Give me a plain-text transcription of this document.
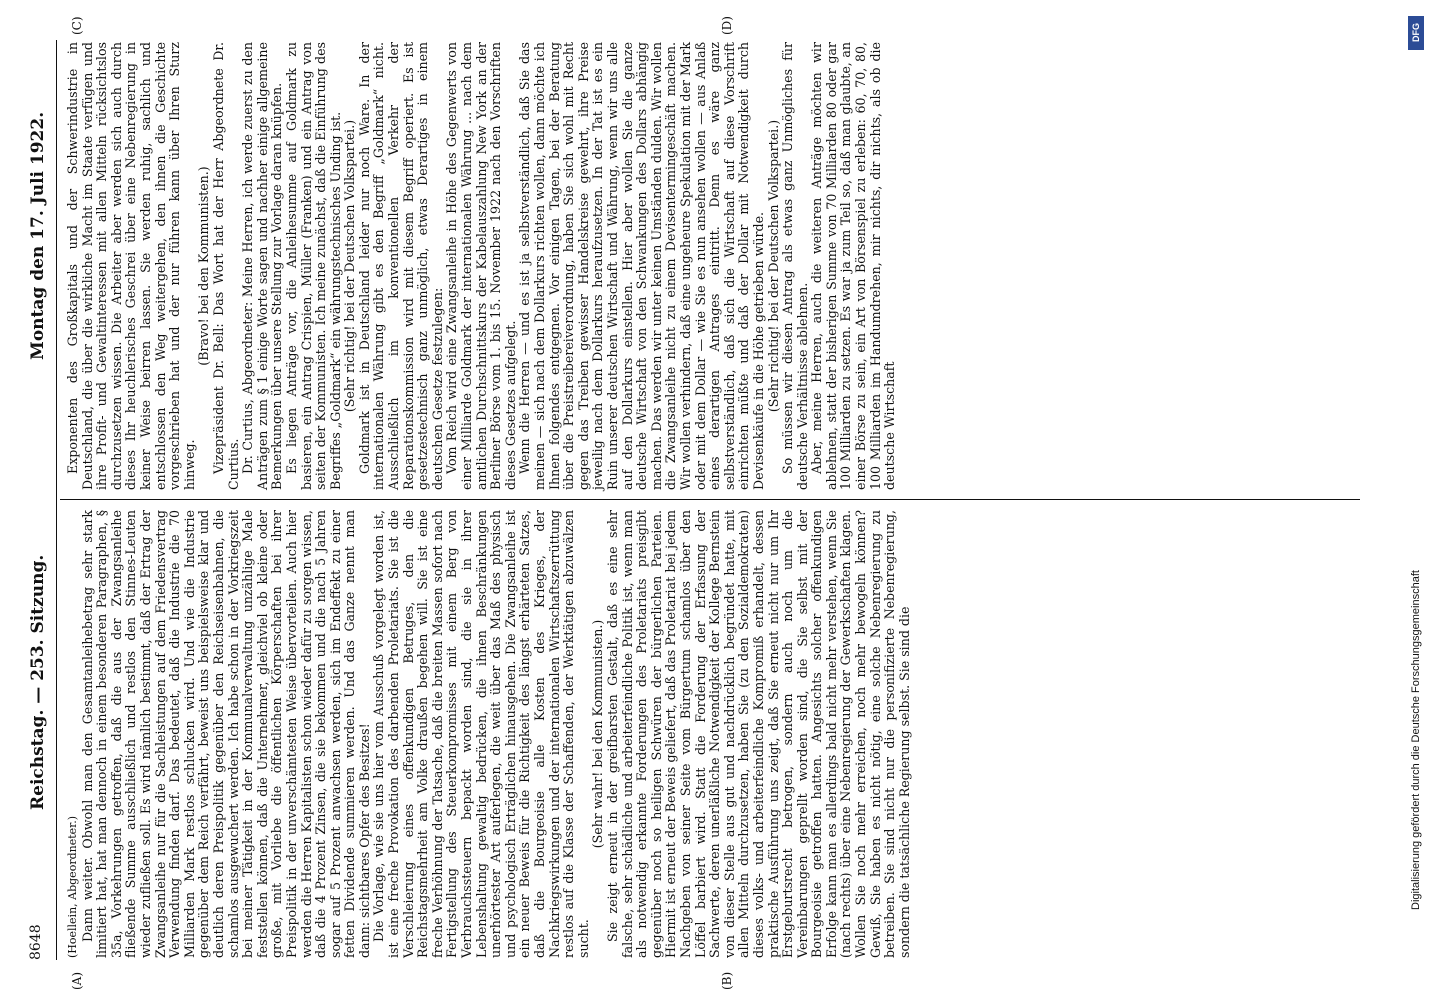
8648
Reichstag. — 253. Sitzung.
Montag den 17. Juli 1922.
(A)	(B)
(C)	(D)

(Hoellein, Abgeordneter.) Dann weiter. Obwohl man den Gesamtanleihebetrag sehr stark limitiert hat, hat man dennoch in einem besonderen Paragraphen, § 35a, Vorkehrungen getroffen, daß die aus der Zwangsanleihe fließende Summe ausschließlich und restlos den Stinnes-Leuten wieder zufließen soll. Es wird nämlich bestimmt, daß der Ertrag der Zwangsanleihe nur für die Sachleistungen auf dem Friedensvertrag Verwendung finden darf. Das bedeutet, daß die Industrie die 70 Milliarden Mark restlos schlucken wird. Und wie die Industrie gegenüber dem Reich verfährt, beweist uns beispielsweise klar und deutlich deren Preispolitik gegenüber den Reichseisenbahnen, die schamlos ausgewuchert werden. Ich habe schon in der Vorkriegszeit bei meiner Tätigkeit in der Kommunalverwaltung unzählige Male feststellen können, daß die Unternehmer, gleichviel ob kleine oder große, mit Vorliebe die öffentlichen Körperschaften bei ihrer Preispolitik in der unverschämtesten Weise übervorteilen. Auch hier werden die Herren Kapitalisten schon wieder dafür zu sorgen wissen, daß die 4 Prozent Zinsen, die sie bekommen und die nach 5 Jahren sogar auf 5 Prozent anwachsen werden, sich im Endeffekt zu einer fetten Dividende summieren werden. Und das Ganze nennt man dann: sichtbares Opfer des Besitzes! Die Vorlage, wie sie uns hier vom Ausschuß vorgelegt worden ist, ist eine freche Provokation des darbenden Proletariats. Sie ist die Verschleierung eines offenkundigen Betruges, den die Reichstagsmehrheit am Volke draußen begehen will. Sie ist eine freche Verhöhnung der Tatsache, daß die breiten Massen sofort nach Fertigstellung des Steuerkompromisses mit einem Berg von Verbrauchssteuern bepackt worden sind, die sie in ihrer Lebenshaltung gewaltig bedrücken, die ihnen Beschränkungen unerhörtester Art auferlegen, die weit über das Maß des physisch und psychologisch Erträglichen hinausgehen. Die Zwangsanleihe ist ein neuer Beweis für die Richtigkeit des längst erhärteten Satzes, daß die Bourgeoisie alle Kosten des Krieges, der Nachkriegswirkungen und der internationalen Wirtschaftszerrüttung restlos auf die Klasse der Schaffenden, der Werktätigen abzuwälzen sucht.

(Sehr wahr! bei den Kommunisten.) Sie zeigt erneut in der greifbarsten Gestalt, daß es eine sehr falsche, sehr schädliche und arbeiterfeindliche Politik ist, wenn man als notwendig erkannte Forderungen des Proletariats preisgibt gegenüber noch so heiligen Schwüren der bürgerlichen Parteien. Hiermit ist erneut der Beweis geliefert, daß das Proletariat bei jedem Nachgeben von seiner Seite vom Bürgertum schamlos über den Löffel barbiert wird. Statt die Forderung der Erfassung der Sachwerte, deren unerläßliche Notwendigkeit der Kollege Bernstein von dieser Stelle aus gut und nachdrücklich begründet hatte, mit allen Mitteln durchzusetzen, haben Sie (zu den Sozialdemokraten) dieses volks- und arbeiterfeindliche Kompromiß erhandelt, dessen praktische Ausführung uns zeigt, daß Sie erneut nicht nur um Ihr Erstgeburtsrecht betrogen, sondern auch noch um die Vereinbarungen geprellt worden sind, die Sie selbst mit der Bourgeoisie getroffen hatten. Angesichts solcher offenkundigen Erfolge kann man es allerdings bald nicht mehr verstehen, wenn Sie (nach rechts) über eine Nebenregierung der Gewerkschaften klagen. Wollen Sie noch mehr erreichen, noch mehr bewogeln können? Gewiß, Sie haben es nicht nötig, eine solche Nebenregierung zu betreiben. Sie sind nicht nur die personifizierte Nebenregierung, sondern die tatsächliche Regierung selbst. Sie sind die

Exponenten des Großkapitals und der Schwerindustrie in Deutschland, die über die wirkliche Macht im Staate verfügen und ihre Profit- und Gewaltinteressen mit allen Mitteln rücksichtslos durchzusetzen wissen. Die Arbeiter aber werden sich auch durch dieses Ihr heuchlerisches Geschrei über eine Nebenregierung in keiner Weise beirren lassen. Sie werden ruhig, sachlich und entschlossen den Weg weitergehen, den ihnen die Geschichte vorgeschrieben hat und der nur führen kann über Ihren Sturz hinweg.

(Bravo! bei den Kommunisten.) Vizepräsident Dr. Bell: Das Wort hat der Herr Abgeordnete Dr. Curtius. Dr. Curtius, Abgeordneter: Meine Herren, ich werde zuerst zu den Anträgen zum § 1 einige Worte sagen und nachher einige allgemeine Bemerkungen über unsere Stellung zur Vorlage daran knüpfen. Es liegen Anträge vor, die Anleihesumme auf Goldmark zu basieren, ein Antrag Crispien, Müller (Franken) und ein Antrag von seiten der Kommunisten. Ich meine zunächst, daß die Einführung des Begriffes „Goldmark“ ein währungstechnisches Unding ist. (Sehr richtig! bei der Deutschen Volkspartei.) Goldmark ist in Deutschland leider nur noch Ware. In der internationalen Währung gibt es den Begriff „Goldmark“ nicht. Ausschließlich im konventionellen Verkehr der Reparationskommission wird mit diesem Begriff operiert. Es ist gesetzestechnisch ganz unmöglich, etwas Derartiges in einem deutschen Gesetze festzulegen: Vom Reich wird eine Zwangsanleihe in Höhe des Gegenwerts von einer Milliarde Goldmark der internationalen Währung ... nach dem amtlichen Durchschnittskurs der Kabelauszahlung New York an der Berliner Börse vom 1. bis 15. November 1922 nach den Vorschriften dieses Gesetzes aufgelegt. Wenn die Herren — und es ist ja selbstverständlich, daß Sie das meinen — sich nach dem Dollarkurs richten wollen, dann möchte ich Ihnen folgendes entgegnen. Vor einigen Tagen, bei der Beratung über die Preistreibereiverordnung, haben Sie sich wohl mit Recht gegen das Treiben gewisser Handelskreise gewehrt, ihre Preise jeweilig nach dem Dollarkurs heraufzusetzen. In der Tat ist es ein Ruin unserer deutschen Wirtschaft und Währung, wenn wir uns alle auf den Dollarkurs einstellen. Hier aber wollen Sie die ganze deutsche Wirtschaft von den Schwankungen des Dollars abhängig machen. Das werden wir unter keinen Umständen dulden. Wir wollen die Zwangsanleihe nicht zu einem Devisentermingeschäft machen. Wir wollen verhindern, daß eine ungeheure Spekulation mit der Mark oder mit dem Dollar — wie Sie es nun ansehen wollen — aus Anlaß eines derartigen Antrages eintritt. Denn es wäre ganz selbstverständlich, daß sich die Wirtschaft auf diese Vorschrift einrichten müßte und daß der Dollar mit Notwendigkeit durch Devisenkäufe in die Höhe getrieben würde. (Sehr richtig! bei der Deutschen Volkspartei.) So müssen wir diesen Antrag als etwas ganz Unmögliches für deutsche Verhältnisse ablehnen. Aber, meine Herren, auch die weiteren Anträge möchten wir ablehnen, statt der bisherigen Summe von 70 Milliarden 80 oder gar 100 Milliarden zu setzen. Es war ja zum Teil so, daß man glaubte, an einer Börse zu sein, ein Art von Börsenspiel zu erleben: 60, 70, 80, 100 Milliarden im Handumdrehen, mir nichts, dir nichts, als ob die deutsche Wirtschaft

DFG
Digitalisierung gefördert durch die Deutsche Forschungsgemeinschaft
